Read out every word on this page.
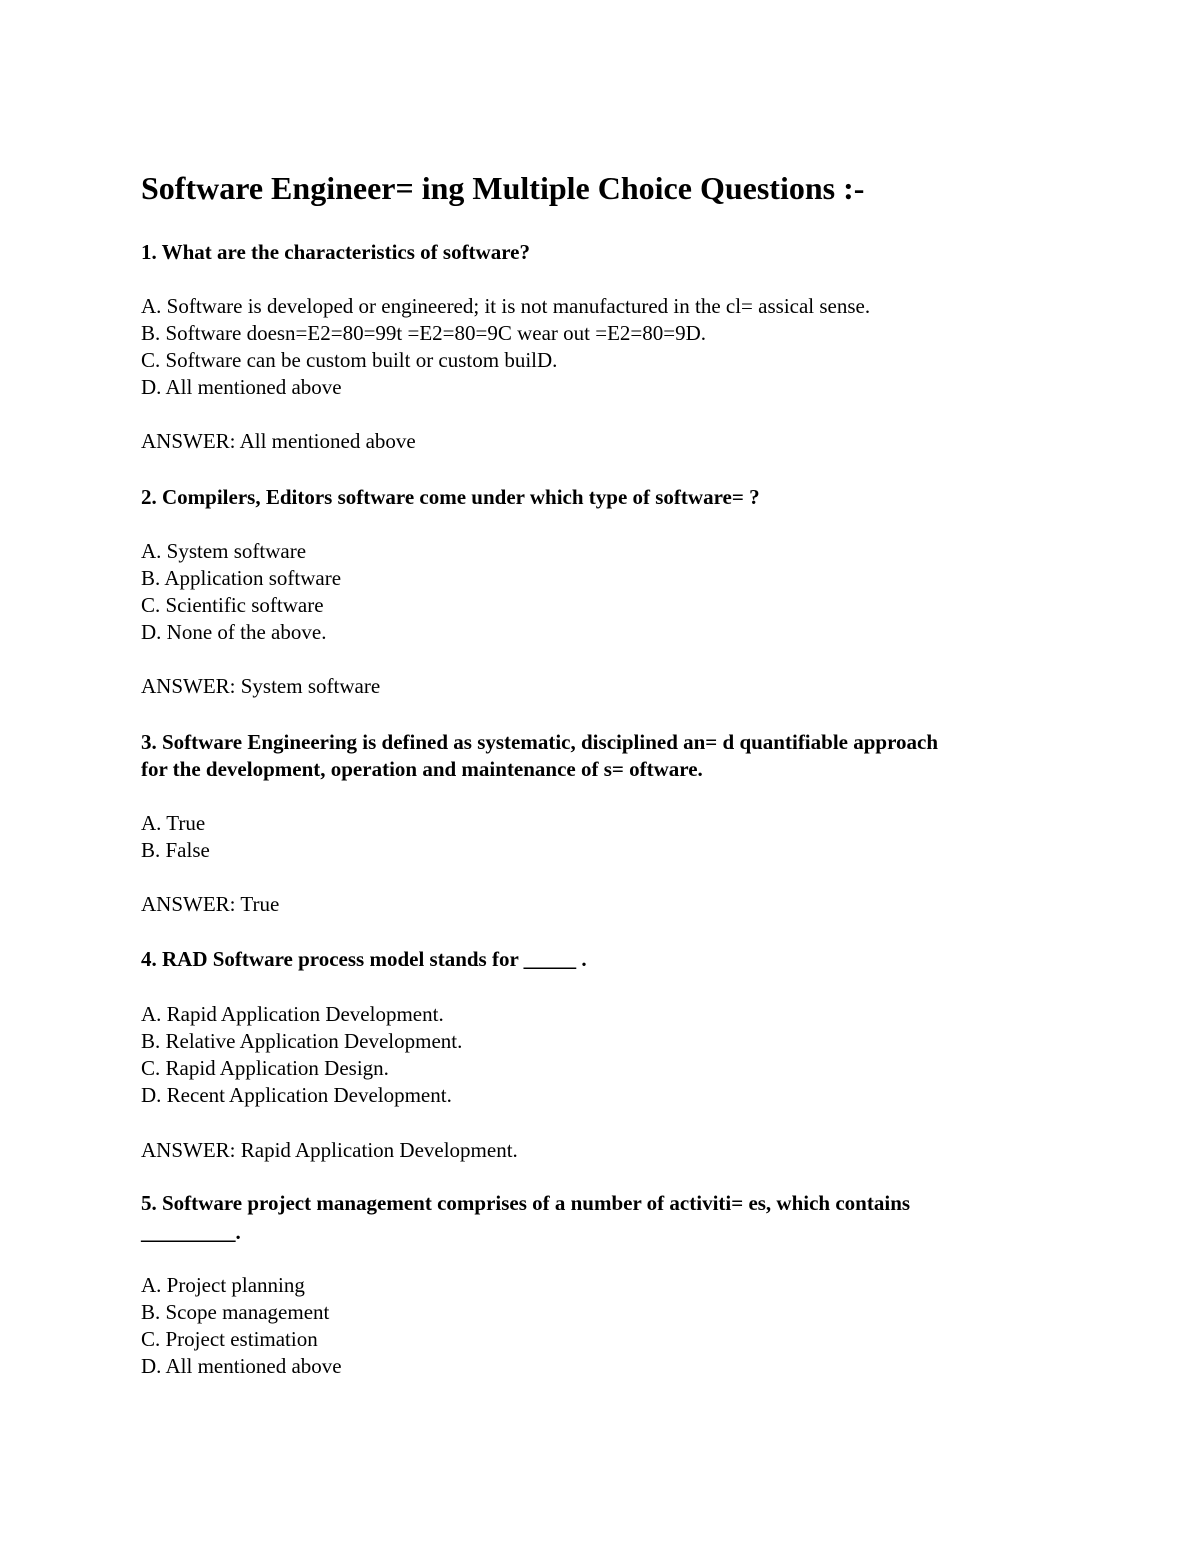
Software Engineer= ing Multiple Choice Questions :-

1. What are the characteristics of software?

A. Software is developed or engineered; it is not manufactured in the cl= assical sense.

B. Software doesn=E2=80=99t =E2=80=9C wear out =E2=80=9D.

C. Software can be custom built or custom builD.

D. All mentioned above

ANSWER: All mentioned above

2. Compilers, Editors software come under which type of software= ?

A. System software

B. Application software

C. Scientific software

D. None of the above.

ANSWER: System software

3. Software Engineering is defined as systematic, disciplined an= d quantifiable approach

for the development, operation and maintenance of s= oftware.

A. True

B. False

ANSWER: True

4. RAD Software process model stands for _____ .

A. Rapid Application Development.

B. Relative Application Development.

C. Rapid Application Design.

D. Recent Application Development.

ANSWER: Rapid Application Development.

5. Software project management comprises of a number of activiti= es, which contains

_________.

A. Project planning

B. Scope management

C. Project estimation

D. All mentioned above
